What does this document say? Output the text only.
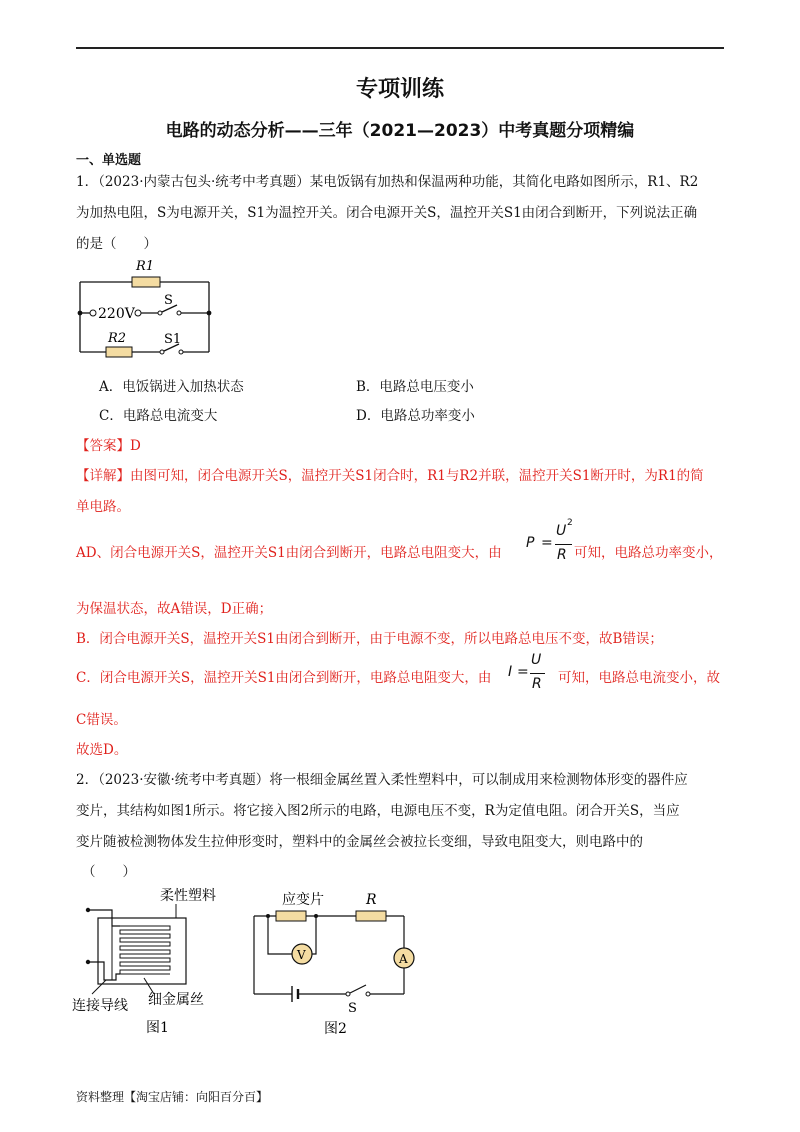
专项训练
电路的动态分析——三年（2021—2023）中考真题分项精编
一、单选题
1．（2023·内蒙古包头·统考中考真题）某电饭锅有加热和保温两种功能，其简化电路如图所示，R1、R2
为加热电阻，S为电源开关，S1为温控开关。闭合电源开关S，温控开关S1由闭合到断开，下列说法正确
的是（　　）
R1
220V
S
R2	S1
A．电饭锅进入加热状态	B．电路总电压变小
C．电路总电流变大	D．电路总功率变小
【答案】D
【详解】由图可知，闭合电源开关S，温控开关S1闭合时，R1与R2并联，温控开关S1断开时，为R1的简
单电路。
AD、闭合电源开关S，温控开关S1由闭合到断开，电路总电阻变大，由
P =
U 2
R 可知，电路总功率变小，
为保温状态，故A错误，D正确；
B．闭合电源开关S，温控开关S1由闭合到断开，由于电源不变，所以电路总电压不变，故B错误；
C．闭合电源开关S，温控开关S1由闭合到断开，电路总电阻变大，由 I =
U
R 可知，电路总电流变小，故
C错误。
故选D。
2．（2023·安徽·统考中考真题）将一根细金属丝置入柔性塑料中，可以制成用来检测物体形变的器件应
变片，其结构如图1所示。将它接入图2所示的电路，电源电压不变，R为定值电阻。闭合开关S，当应
变片随被检测物体发生拉伸形变时，塑料中的金属丝会被拉长变细，导致电阻变大，则电路中的
（　　）
柔性塑料
连接导线 细金属丝
图1
应变片	R
V	A
S
图2
资料整理【淘宝店铺：向阳百分百】
